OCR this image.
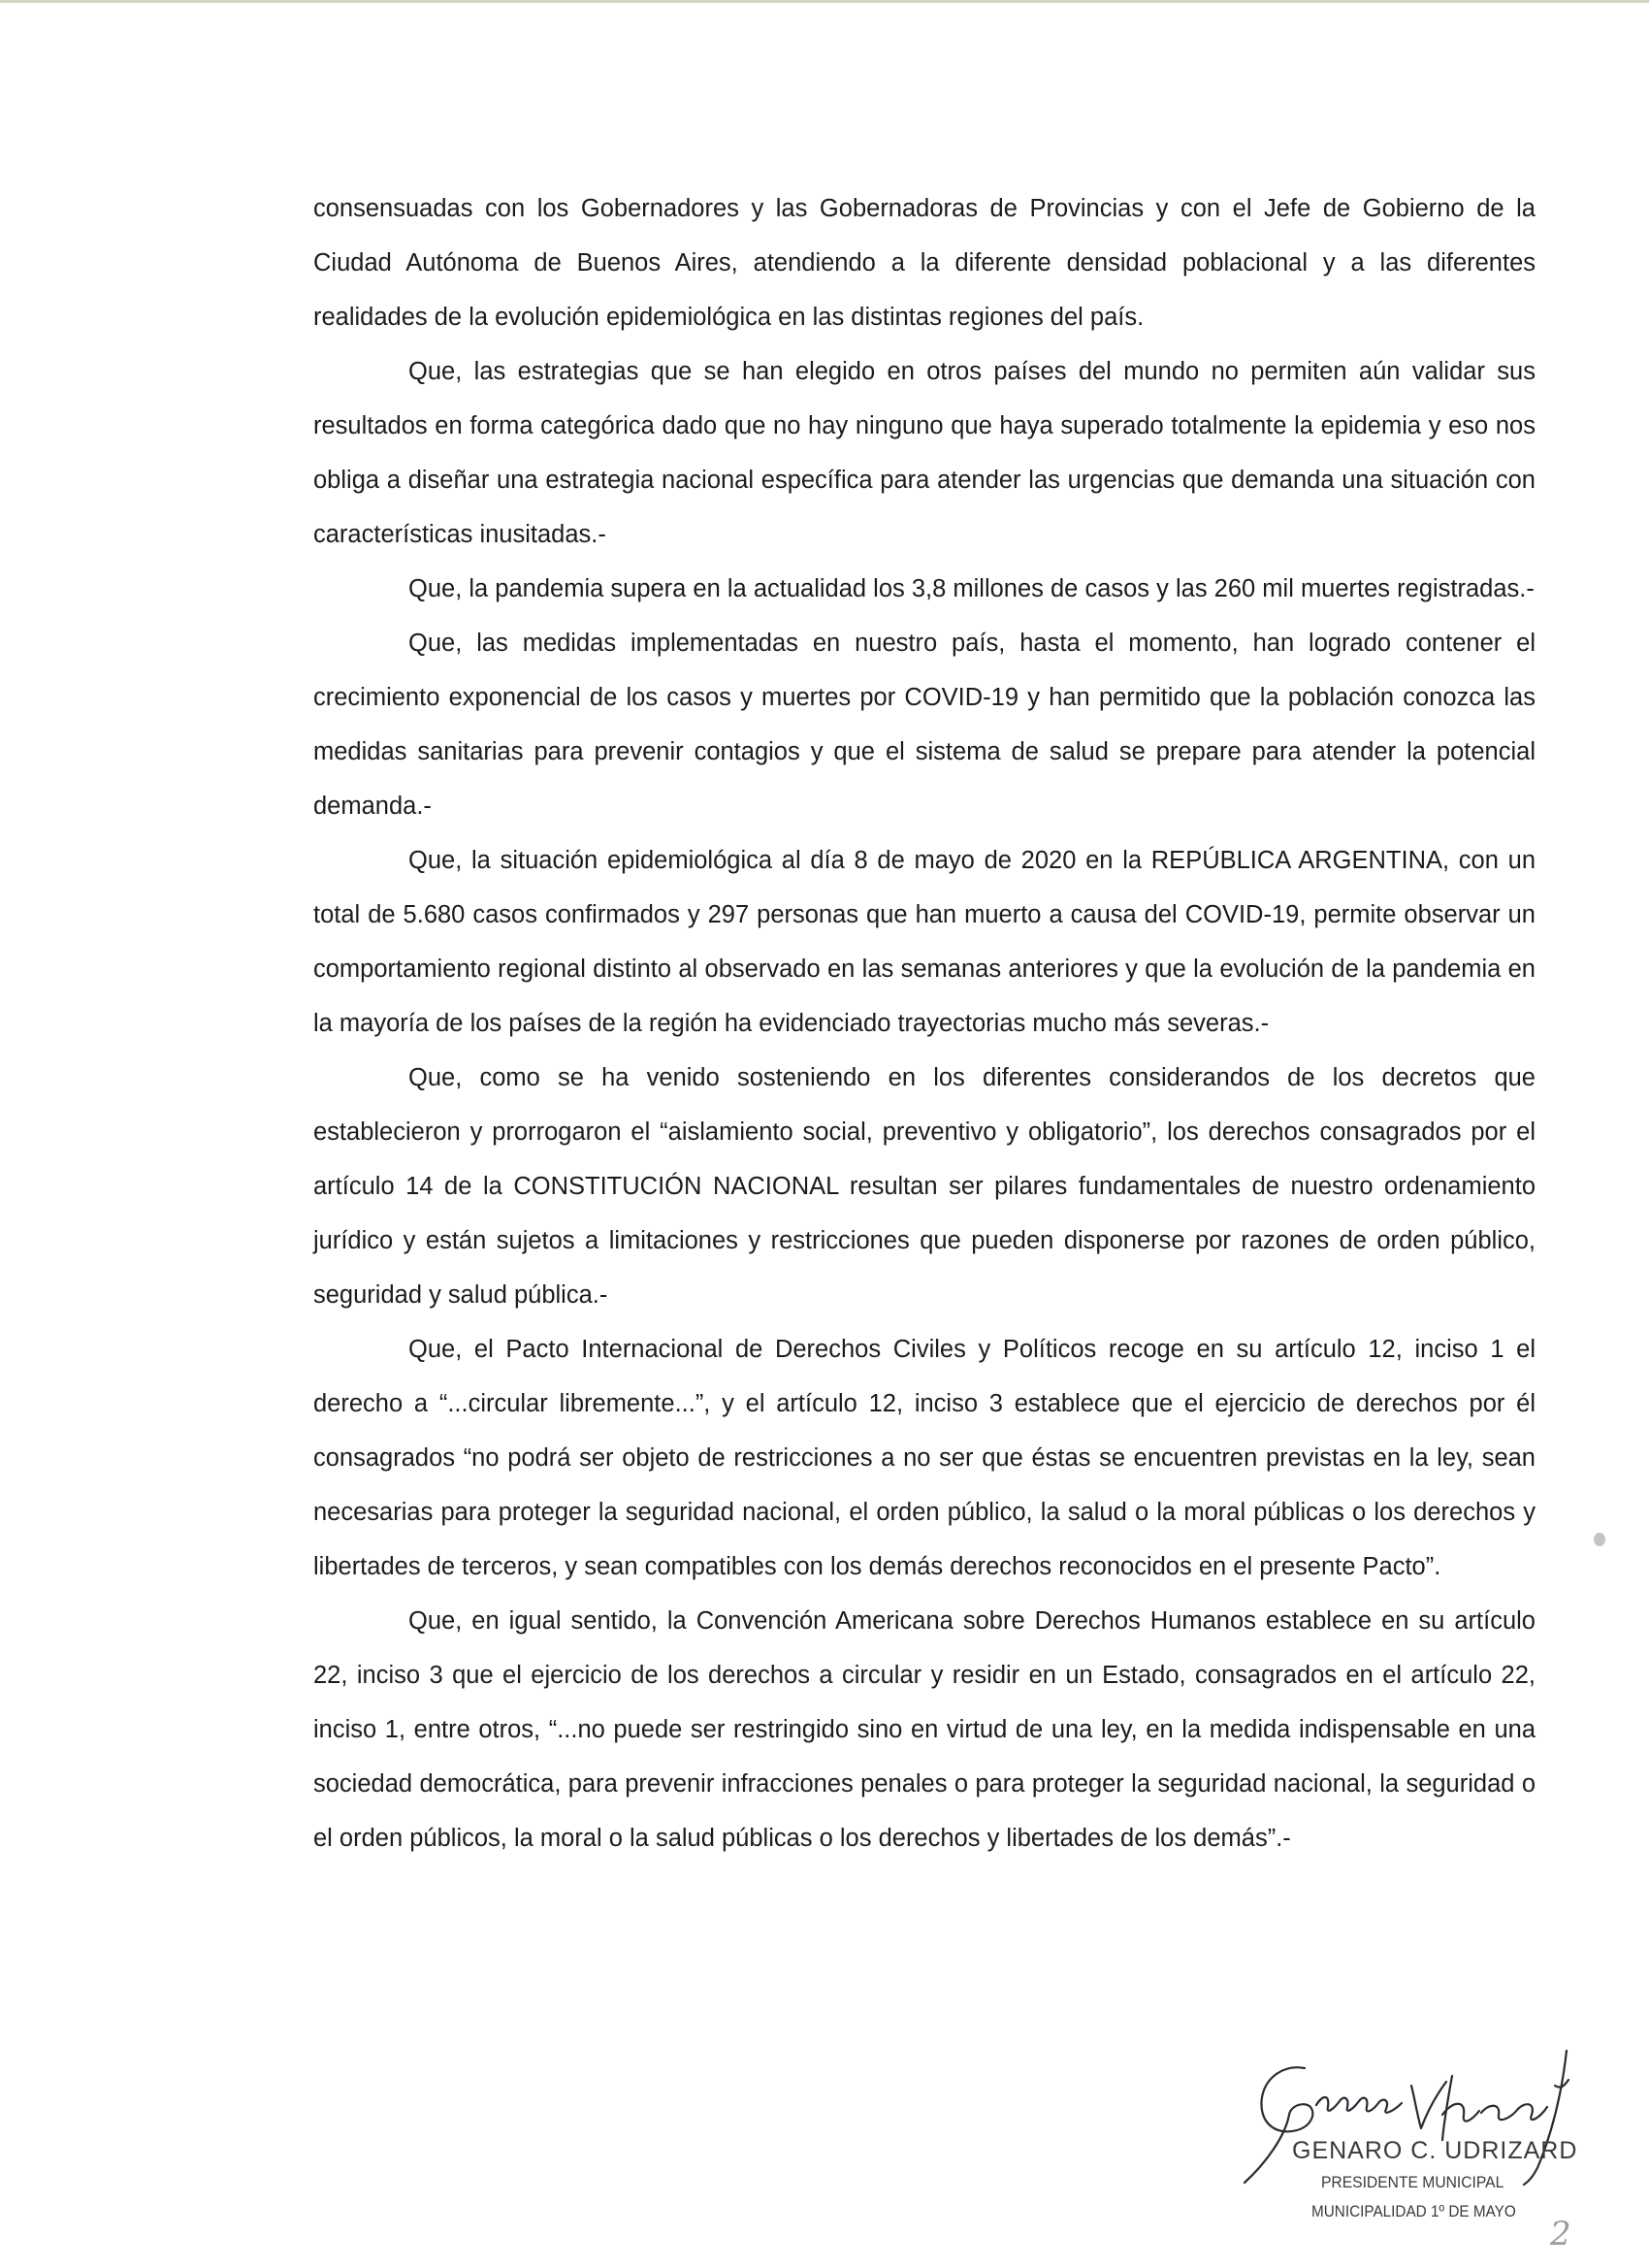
consensuadas con los Gobernadores y las Gobernadoras de Provincias y con el Jefe de Gobierno de la Ciudad Autónoma de Buenos Aires, atendiendo a la diferente densidad poblacional y a las diferentes realidades de la evolución epidemiológica en las distintas regiones del país.

Que, las estrategias que se han elegido en otros países del mundo no permiten aún validar sus resultados en forma categórica dado que no hay ninguno que haya superado totalmente la epidemia y eso nos obliga a diseñar una estrategia nacional específica para atender las urgencias que demanda una situación con características inusitadas.-

Que, la pandemia supera en la actualidad los 3,8 millones de casos y las 260 mil muertes registradas.-

Que, las medidas implementadas en nuestro país, hasta el momento, han logrado contener el crecimiento exponencial de los casos y muertes por COVID-19 y han permitido que la población conozca las medidas sanitarias para prevenir contagios y que el sistema de salud se prepare para atender la potencial demanda.-

Que, la situación epidemiológica al día 8 de mayo de 2020 en la REPÚBLICA ARGENTINA, con un total de 5.680 casos confirmados y 297 personas que han muerto a causa del COVID-19, permite observar un comportamiento regional distinto al observado en las semanas anteriores y que la evolución de la pandemia en la mayoría de los países de la región ha evidenciado trayectorias mucho más severas.-

Que, como se ha venido sosteniendo en los diferentes considerandos de los decretos que establecieron y prorrogaron el “aislamiento social, preventivo y obligatorio”, los derechos consagrados por el artículo 14 de la CONSTITUCIÓN NACIONAL resultan ser pilares fundamentales de nuestro ordenamiento jurídico y están sujetos a limitaciones y restricciones que pueden disponerse por razones de orden público, seguridad y salud pública.-

Que, el Pacto Internacional de Derechos Civiles y Políticos recoge en su artículo 12, inciso 1 el derecho a “...circular libremente...”, y el artículo 12, inciso 3 establece que el ejercicio de derechos por él consagrados “no podrá ser objeto de restricciones a no ser que éstas se encuentren previstas en la ley, sean necesarias para proteger la seguridad nacional, el orden público, la salud o la moral públicas o los derechos y libertades de terceros, y sean compatibles con los demás derechos reconocidos en el presente Pacto”.

Que, en igual sentido, la Convención Americana sobre Derechos Humanos establece en su artículo 22, inciso 3 que el ejercicio de los derechos a circular y residir en un Estado, consagrados en el artículo 22, inciso 1, entre otros, “...no puede ser restringido sino en virtud de una ley, en la medida indispensable en una sociedad democrática, para prevenir infracciones penales o para proteger la seguridad nacional, la seguridad o el orden públicos, la moral o la salud públicas o los derechos y libertades de los demás”.-

GENARO C. UDRIZARD
PRESIDENTE MUNICIPAL
MUNICIPALIDAD 1º DE MAYO
2
